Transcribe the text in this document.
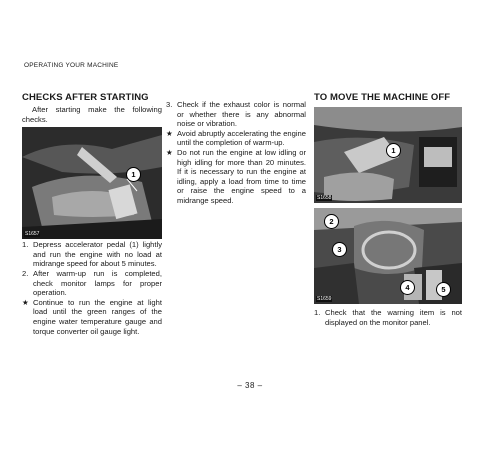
OPERATING YOUR MACHINE
CHECKS AFTER STARTING
After starting make the following checks.
1
S1657
1. Depress accelerator pedal (1) lightly and run the engine with no load at midrange speed for about 5 minutes.
2. After warm-up run is completed, check monitor lamps for proper operation.
★ Continue to run the engine at light load until the green ranges of the engine water temperature gauge and torque converter oil gauge light.
3. Check if the exhaust color is normal or whether there is any abnormal noise or vibration.
★ Avoid abruptly accelerating the engine until the completion of warm-up.
★ Do not run the engine at low idling or high idling for more than 20 minutes. If it is necessary to run the engine at idling, apply a load from time to time or raise the engine speed to a midrange speed.
TO MOVE THE MACHINE OFF
1
S1658
2
3
4	5
S1659
1. Check that the warning item is not displayed on the monitor panel.
– 38 –
